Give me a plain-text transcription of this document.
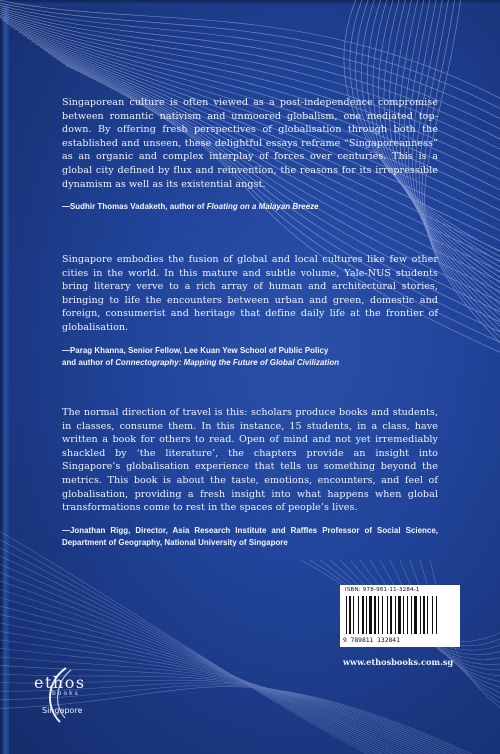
Singaporean culture is often viewed as a post-independence compromise between romantic nativism and unmoored globalism, one mediated top-down. By offering fresh perspectives of globalisation through both the established and unseen, these delightful essays reframe “Singaporeanness” as an organic and complex interplay of forces over centuries. This is a global city defined by flux and reinvention, the reasons for its irrepressible dynamism as well as its existential angst.
—Sudhir Thomas Vadaketh, author of Floating on a Malayan Breeze
Singapore embodies the fusion of global and local cultures like few other cities in the world. In this mature and subtle volume, Yale-NUS students bring literary verve to a rich array of human and architectural stories, bringing to life the encounters between urban and green, domestic and foreign, consumerist and heritage that define daily life at the frontier of globalisation.
—Parag Khanna, Senior Fellow, Lee Kuan Yew School of Public Policy
and author of Connectography: Mapping the Future of Global Civilization
The normal direction of travel is this: scholars produce books and students, in classes, consume them. In this instance, 15 students, in a class, have written a book for others to read. Open of mind and not yet irremediably shackled by ‘the literature’, the chapters provide an insight into Singapore’s globalisation experience that tells us something beyond the metrics. This book is about the taste, emotions, encounters, and feel of globalisation, providing a fresh insight into what happens when global transformations come to rest in the spaces of people’s lives.
—Jonathan Rigg, Director, Asia Research Institute and Raffles Professor of Social Science, Department of Geography, National University of Singapore
ethos
books
Singapore
ISBN: 978-981-11-3284-1
9 789811 132841
www.ethosbooks.com.sg
